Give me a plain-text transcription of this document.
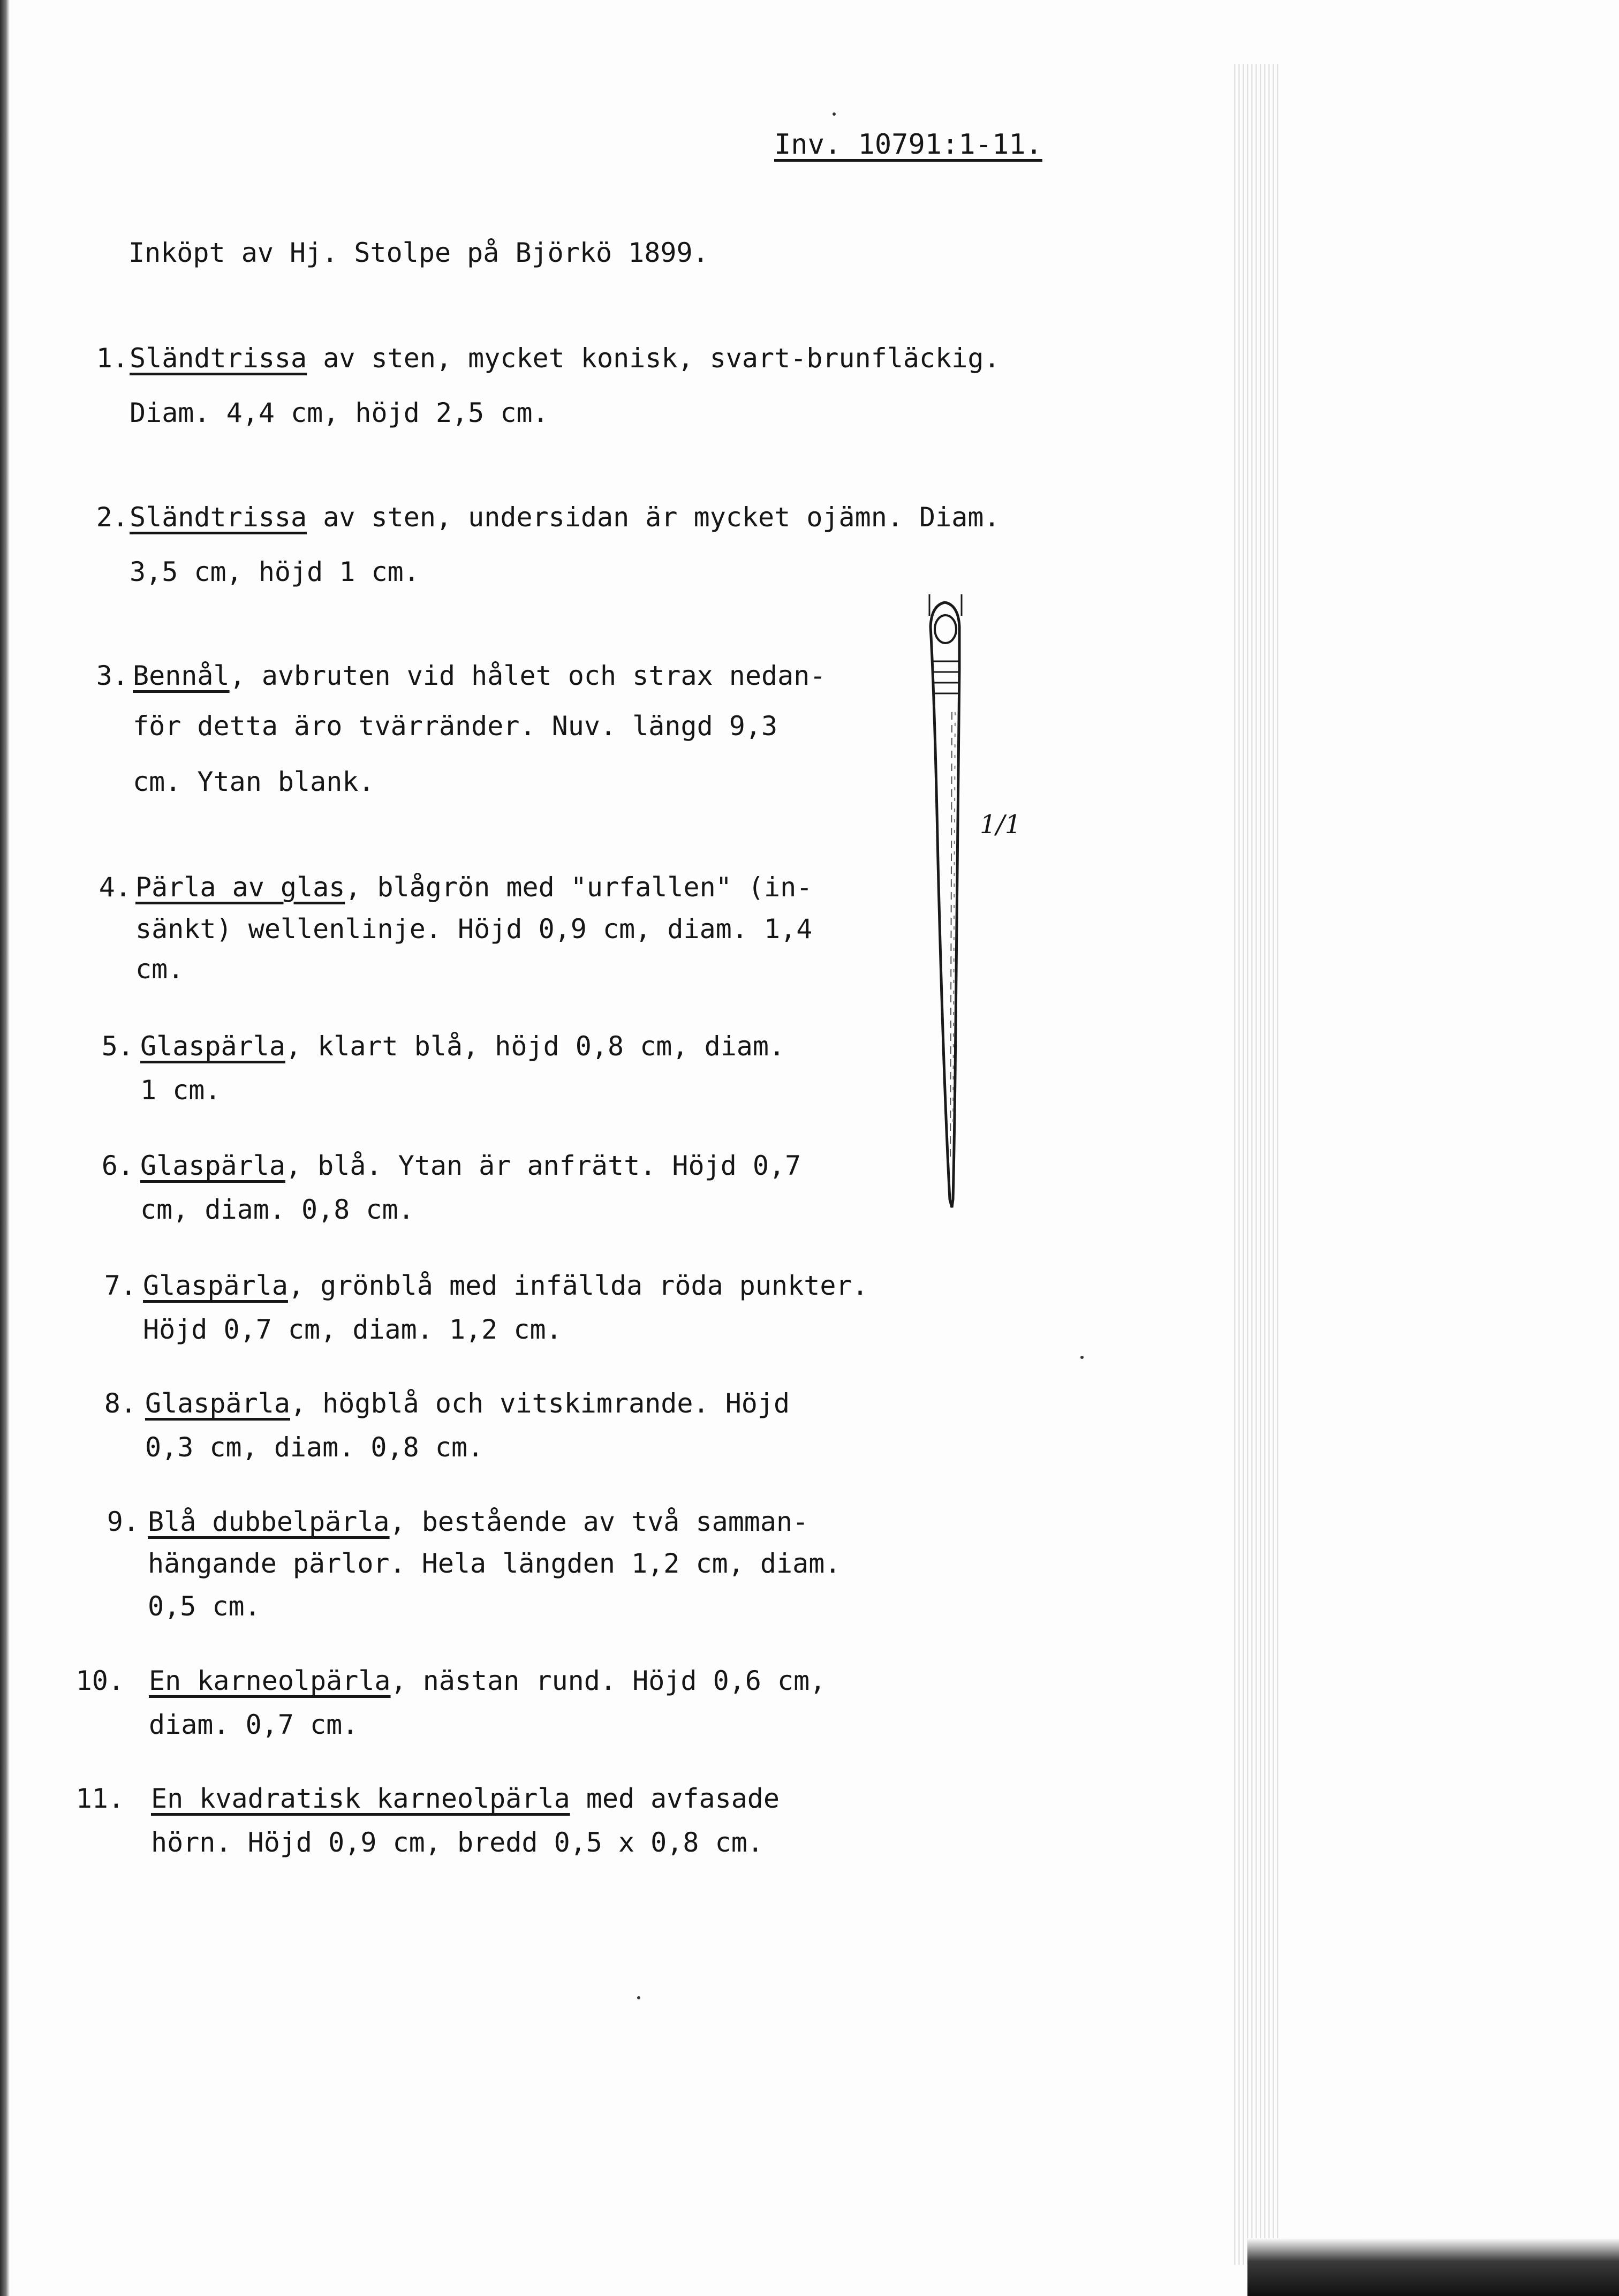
Inv. 10791:1-11.
Inköpt av Hj. Stolpe på Björkö 1899.
1. Sländtrissa av sten, mycket konisk, svart-brunfläckig.
Diam. 4,4 cm, höjd 2,5 cm.
2. Sländtrissa av sten, undersidan är mycket ojämn. Diam.
3,5 cm, höjd 1 cm.
3. Bennål, avbruten vid hålet och strax nedan-
för detta äro tvärränder. Nuv. längd 9,3
cm. Ytan blank.
4. Pärla av glas, blågrön med "urfallen" (in-
sänkt) wellenlinje. Höjd 0,9 cm, diam. 1,4
cm.
5. Glaspärla, klart blå, höjd 0,8 cm, diam.
1 cm.
6. Glaspärla, blå. Ytan är anfrätt. Höjd 0,7
cm, diam. 0,8 cm.
7. Glaspärla, grönblå med infällda röda punkter.
Höjd 0,7 cm, diam. 1,2 cm.
8. Glaspärla, högblå och vitskimrande. Höjd
0,3 cm, diam. 0,8 cm.
9. Blå dubbelpärla, bestående av två samman-
hängande pärlor. Hela längden 1,2 cm, diam.
0,5 cm.
10. En karneolpärla, nästan rund. Höjd 0,6 cm,
diam. 0,7 cm.
11. En kvadratisk karneolpärla med avfasade
hörn. Höjd 0,9 cm, bredd 0,5 x 0,8 cm.
1/1
